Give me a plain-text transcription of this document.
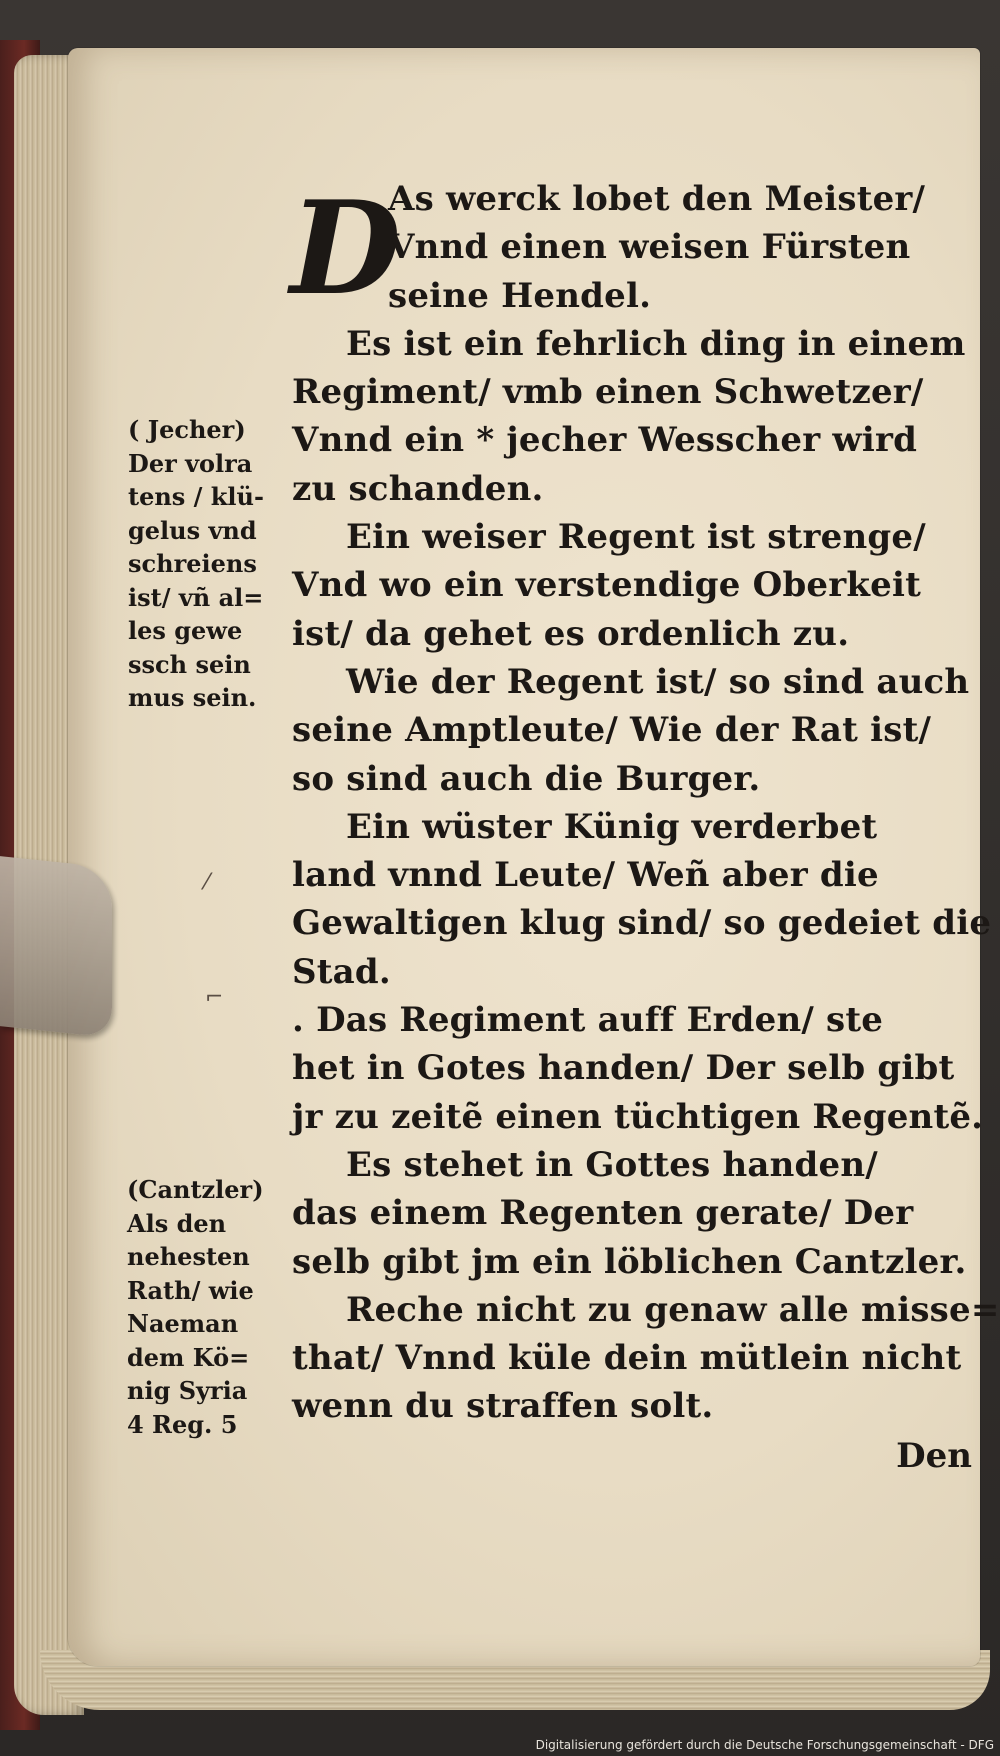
D
As werck lobet den Meister/
Vnnd einen weisen Fürsten
seine Hendel.
Es ist ein fehrlich ding in einem
Regiment/ vmb einen Schwetzer/
Vnnd ein * jecher Wesscher wird
zu schanden.
Ein weiser Regent ist strenge/
Vnd wo ein verstendige Oberkeit
ist/ da gehet es ordenlich zu.
Wie der Regent ist/ so sind auch
seine Amptleute/ Wie der Rat ist/
so sind auch die Burger.
Ein wüster Künig verderbet
land vnnd Leute/ Weñ aber die
Gewaltigen klug sind/ so gedeiet die
Stad.
. Das Regiment auff Erden/ ste
het in Gotes handen/ Der selb gibt
jr zu zeitẽ einen tüchtigen Regentẽ.
Es stehet in Gottes handen/
das einem Regenten gerate/ Der
selb gibt jm ein löblichen Cantzler.
Reche nicht zu genaw alle misse=
that/ Vnnd küle dein mütlein nicht
wenn du straffen solt.
( Jecher)
Der volra
tens / klü-
gelus vnd
schreiens
ist/ vñ al=
les gewe
ssch sein
mus sein.
(Cantzler)
Als den
nehesten
Rath/ wie
Naeman
dem Kö=
nig Syria
4 Reg. 5
⁄
⌐

Den

Digitalisierung gefördert durch die Deutsche Forschungsgemeinschaft - DFG
